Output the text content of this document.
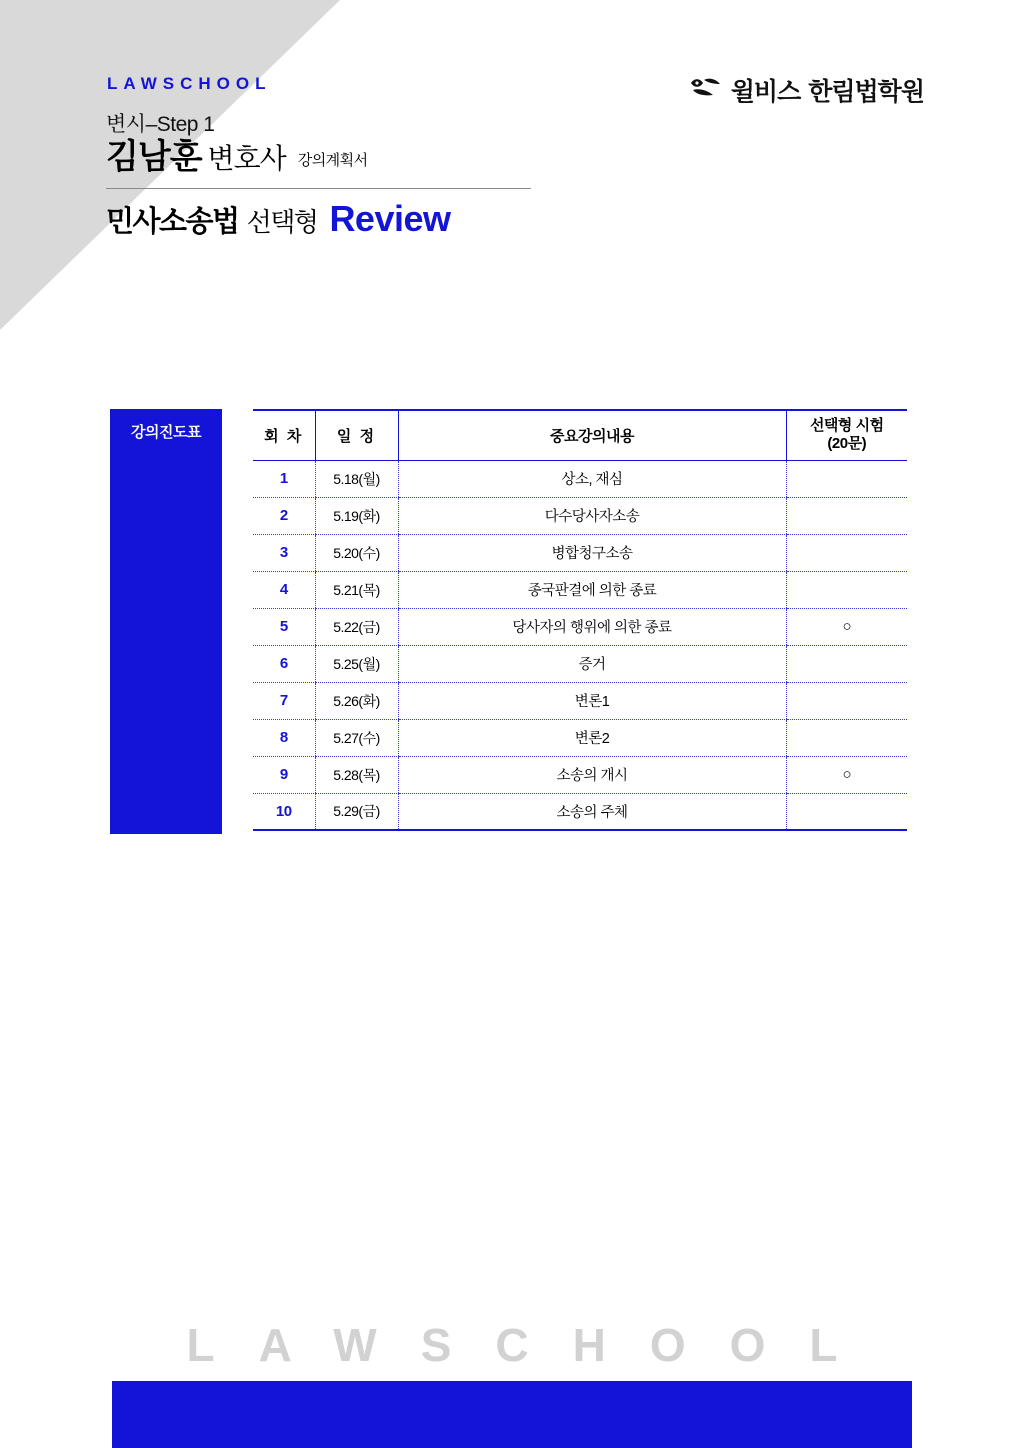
LAWSCHOOL
변시–Step 1
김남훈 변호사 강의계획서
민사소송법 선택형 Review
윌비스 한림법학원
강의진도표	회 차	일 정	중요강의내용	선택형 시험
(20문)
1	5.18(월)	상소, 재심	
2	5.19(화)	다수당사자소송	
3	5.20(수)	병합청구소송	
4	5.21(목)	종국판결에 의한 종료	
5	5.22(금)	당사자의 행위에 의한 종료	○
6	5.25(월)	증거	
7	5.26(화)	변론1	
8	5.27(수)	변론2	
9	5.28(목)	소송의 개시	○
10	5.29(금)	소송의 주체	
LAWSCHOOL
